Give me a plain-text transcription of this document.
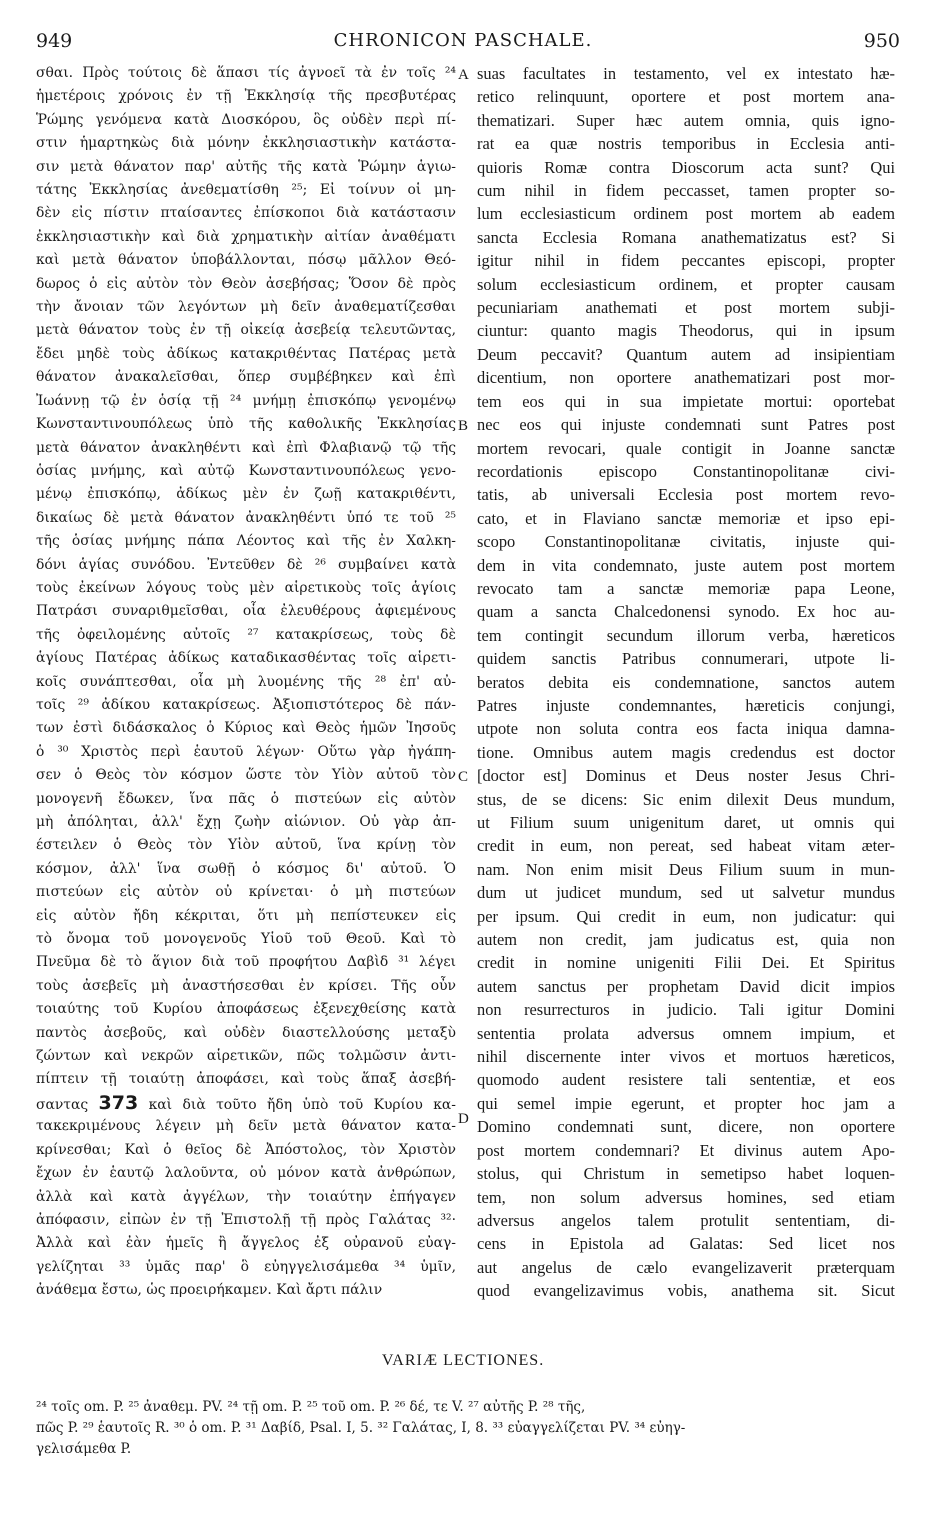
949	CHRONICON PASCHALE.	950
σθαι. Πρὸς τούτοις δὲ ἅπασι τίς ἀγνοεῖ τὰ ἐν τοῖς ²⁴
ἡμετέροις χρόνοις ἐν τῇ Ἐκκλησίᾳ τῆς πρεσβυτέρας
Ῥώμης γενόμενα κατὰ Διοσκόρου, ὃς οὐδὲν περὶ πί-
στιν ἡμαρτηκὼς διὰ μόνην ἐκκλησιαστικὴν κατάστα-
σιν μετὰ θάνατον παρ' αὐτῆς τῆς κατὰ Ῥώμην ἁγιω-
τάτης Ἐκκλησίας ἀνεθεματίσθη ²⁵; Εἰ τοίνυν οἱ μη-
δὲν εἰς πίστιν πταίσαντες ἐπίσκοποι διὰ κατάστασιν
ἐκκλησιαστικὴν καὶ διὰ χρηματικὴν αἰτίαν ἀναθέματι
καὶ μετὰ θάνατον ὑποβάλλονται, πόσῳ μᾶλλον Θεό-
δωρος ὁ εἰς αὐτὸν τὸν Θεὸν ἀσεβήσας; Ὅσον δὲ πρὸς
τὴν ἄνοιαν τῶν λεγόντων μὴ δεῖν ἀναθεματίζεσθαι
μετὰ θάνατον τοὺς ἐν τῇ οἰκείᾳ ἀσεβείᾳ τελευτῶντας,
ἔδει μηδὲ τοὺς ἀδίκως κατακριθέντας Πατέρας μετὰ
θάνατον ἀνακαλεῖσθαι, ὅπερ συμβέβηκεν καὶ ἐπὶ
Ἰωάννῃ τῷ ἐν ὁσίᾳ τῇ ²⁴ μνήμῃ ἐπισκόπῳ γενομένῳ
Κωνσταντινουπόλεως ὑπὸ τῆς καθολικῆς Ἐκκλησίας
μετὰ θάνατον ἀνακληθέντι καὶ ἐπὶ Φλαβιανῷ τῷ τῆς
ὁσίας μνήμης, καὶ αὐτῷ Κωνσταντινουπόλεως γενο-
μένῳ ἐπισκόπῳ, ἀδίκως μὲν ἐν ζωῇ κατακριθέντι,
δικαίως δὲ μετὰ θάνατον ἀνακληθέντι ὑπό τε τοῦ ²⁵
τῆς ὁσίας μνήμης πάπα Λέοντος καὶ τῆς ἐν Χαλκη-
δόνι ἁγίας συνόδου. Ἐντεῦθεν δὲ ²⁶ συμβαίνει κατὰ
τοὺς ἐκείνων λόγους τοὺς μὲν αἱρετικοὺς τοῖς ἁγίοις
Πατράσι συναριθμεῖσθαι, οἷα ἐλευθέρους ἀφιεμένους
τῆς ὀφειλομένης αὐτοῖς ²⁷ κατακρίσεως, τοὺς δὲ
ἁγίους Πατέρας ἀδίκως καταδικασθέντας τοῖς αἱρετι-
κοῖς συνάπτεσθαι, οἷα μὴ λυομένης τῆς ²⁸ ἐπ' αὐ-
τοῖς ²⁹ ἀδίκου κατακρίσεως. Ἀξιοπιστότερος δὲ πάν-
των ἐστὶ διδάσκαλος ὁ Κύριος καὶ Θεὸς ἡμῶν Ἰησοῦς
ὁ ³⁰ Χριστὸς περὶ ἑαυτοῦ λέγων· Οὕτω γὰρ ἠγάπη-
σεν ὁ Θεὸς τὸν κόσμον ὥστε τὸν Υἱὸν αὐτοῦ τὸν
μονογενῆ ἔδωκεν, ἵνα πᾶς ὁ πιστεύων εἰς αὐτὸν
μὴ ἀπόληται, ἀλλ' ἔχῃ ζωὴν αἰώνιον. Οὐ γὰρ ἀπ-
έστειλεν ὁ Θεὸς τὸν Υἱὸν αὐτοῦ, ἵνα κρίνῃ τὸν
κόσμον, ἀλλ' ἵνα σωθῇ ὁ κόσμος δι' αὐτοῦ. Ὁ
πιστεύων εἰς αὐτὸν οὐ κρίνεται· ὁ μὴ πιστεύων
εἰς αὐτὸν ἤδη κέκριται, ὅτι μὴ πεπίστευκεν εἰς
τὸ ὄνομα τοῦ μονογενοῦς Υἱοῦ τοῦ Θεοῦ. Καὶ τὸ
Πνεῦμα δὲ τὸ ἅγιον διὰ τοῦ προφήτου Δαβὶδ ³¹ λέγει
τοὺς ἀσεβεῖς μὴ ἀναστήσεσθαι ἐν κρίσει. Τῆς οὖν
τοιαύτης τοῦ Κυρίου ἀποφάσεως ἐξενεχθείσης κατὰ
παντὸς ἀσεβοῦς, καὶ οὐδὲν διαστελλούσης μεταξὺ
ζώντων καὶ νεκρῶν αἱρετικῶν, πῶς τολμῶσιν ἀντι-
πίπτειν τῇ τοιαύτῃ ἀποφάσει, καὶ τοὺς ἅπαξ ἀσεβή-
σαντας 373 καὶ διὰ τοῦτο ἤδη ὑπὸ τοῦ Κυρίου κα-
τακεκριμένους λέγειν μὴ δεῖν μετὰ θάνατον κατα-
κρίνεσθαι; Καὶ ὁ θεῖος δὲ Ἀπόστολος, τὸν Χριστὸν
ἔχων ἐν ἑαυτῷ λαλοῦντα, οὐ μόνον κατὰ ἀνθρώπων,
ἀλλὰ καὶ κατὰ ἀγγέλων, τὴν τοιαύτην ἐπήγαγεν
ἀπόφασιν, εἰπὼν ἐν τῇ Ἐπιστολῇ τῇ πρὸς Γαλάτας ³²·
Ἀλλὰ καὶ ἐὰν ἡμεῖς ἢ ἄγγελος ἐξ οὐρανοῦ εὐαγ-
γελίζηται ³³ ὑμᾶς παρ' ὃ εὐηγγελισάμεθα ³⁴ ὑμῖν,
ἀνάθεμα ἔστω, ὡς προειρήκαμεν. Καὶ ἄρτι πάλιν
suas facultates in testamento, vel ex intestato hæ-
retico relinquunt, oportere et post mortem ana-
thematizari. Super hæc autem omnia, quis igno-
rat ea quæ nostris temporibus in Ecclesia anti-
quioris Romæ contra Dioscorum acta sunt? Qui
cum nihil in fidem peccasset, tamen propter so-
lum ecclesiasticum ordinem post mortem ab eadem
sancta Ecclesia Romana anathematizatus est? Si
igitur nihil in fidem peccantes episcopi, propter
solum ecclesiasticum ordinem, et propter causam
pecuniariam anathemati et post mortem subji-
ciuntur: quanto magis Theodorus, qui in ipsum
Deum peccavit? Quantum autem ad insipientiam
dicentium, non oportere anathematizari post mor-
tem eos qui in sua impietate mortui: oportebat
nec eos qui injuste condemnati sunt Patres post
mortem revocari, quale contigit in Joanne sanctæ
recordationis episcopo Constantinopolitanæ civi-
tatis, ab universali Ecclesia post mortem revo-
cato, et in Flaviano sanctæ memoriæ et ipso epi-
scopo Constantinopolitanæ civitatis, injuste qui-
dem in vita condemnato, juste autem post mortem
revocato tam a sanctæ memoriæ papa Leone,
quam a sancta Chalcedonensi synodo. Ex hoc au-
tem contingit secundum illorum verba, hæreticos
quidem sanctis Patribus connumerari, utpote li-
beratos debita eis condemnatione, sanctos autem
Patres injuste condemnantes, hæreticis conjungi,
utpote non soluta contra eos facta iniqua damna-
tione. Omnibus autem magis credendus est doctor
[doctor est] Dominus et Deus noster Jesus Chri-
stus, de se dicens: Sic enim dilexit Deus mundum,
ut Filium suum unigenitum daret, ut omnis qui
credit in eum, non pereat, sed habeat vitam æter-
nam. Non enim misit Deus Filium suum in mun-
dum ut judicet mundum, sed ut salvetur mundus
per ipsum. Qui credit in eum, non judicatur: qui
autem non credit, jam judicatus est, quia non
credit in nomine unigeniti Filii Dei. Et Spiritus
autem sanctus per prophetam David dicit impios
non resurrecturos in judicio. Tali igitur Domini
sententia prolata adversus omnem impium, et
nihil discernente inter vivos et mortuos hæreticos,
quomodo audent resistere tali sententiæ, et eos
qui semel impie egerunt, et propter hoc jam a
Domino condemnati sunt, dicere, non oportere
post mortem condemnari? Et divinus autem Apo-
stolus, qui Christum in semetipso habet loquen-
tem, non solum adversus homines, sed etiam
adversus angelos talem protulit sententiam, di-
cens in Epistola ad Galatas: Sed licet nos
aut angelus de cælo evangelizaverit præterquam
quod evangelizavimus vobis, anathema sit. Sicut
A
B
C
D
VARIÆ LECTIONES.
²⁴ τοῖς om. P. ²⁵ ἀναθεμ. PV. ²⁴ τῇ om. P. ²⁵ τοῦ om. P. ²⁶ δέ, τε V. ²⁷ αὐτῆς P. ²⁸ τῆς,
πῶς P. ²⁹ ἑαυτοῖς R. ³⁰ ὁ om. P. ³¹ Δαβίδ, Psal. I, 5. ³² Γαλάτας, I, 8. ³³ εὐαγγελίζεται PV. ³⁴ εὐηγ-
γελισάμεθα P.
